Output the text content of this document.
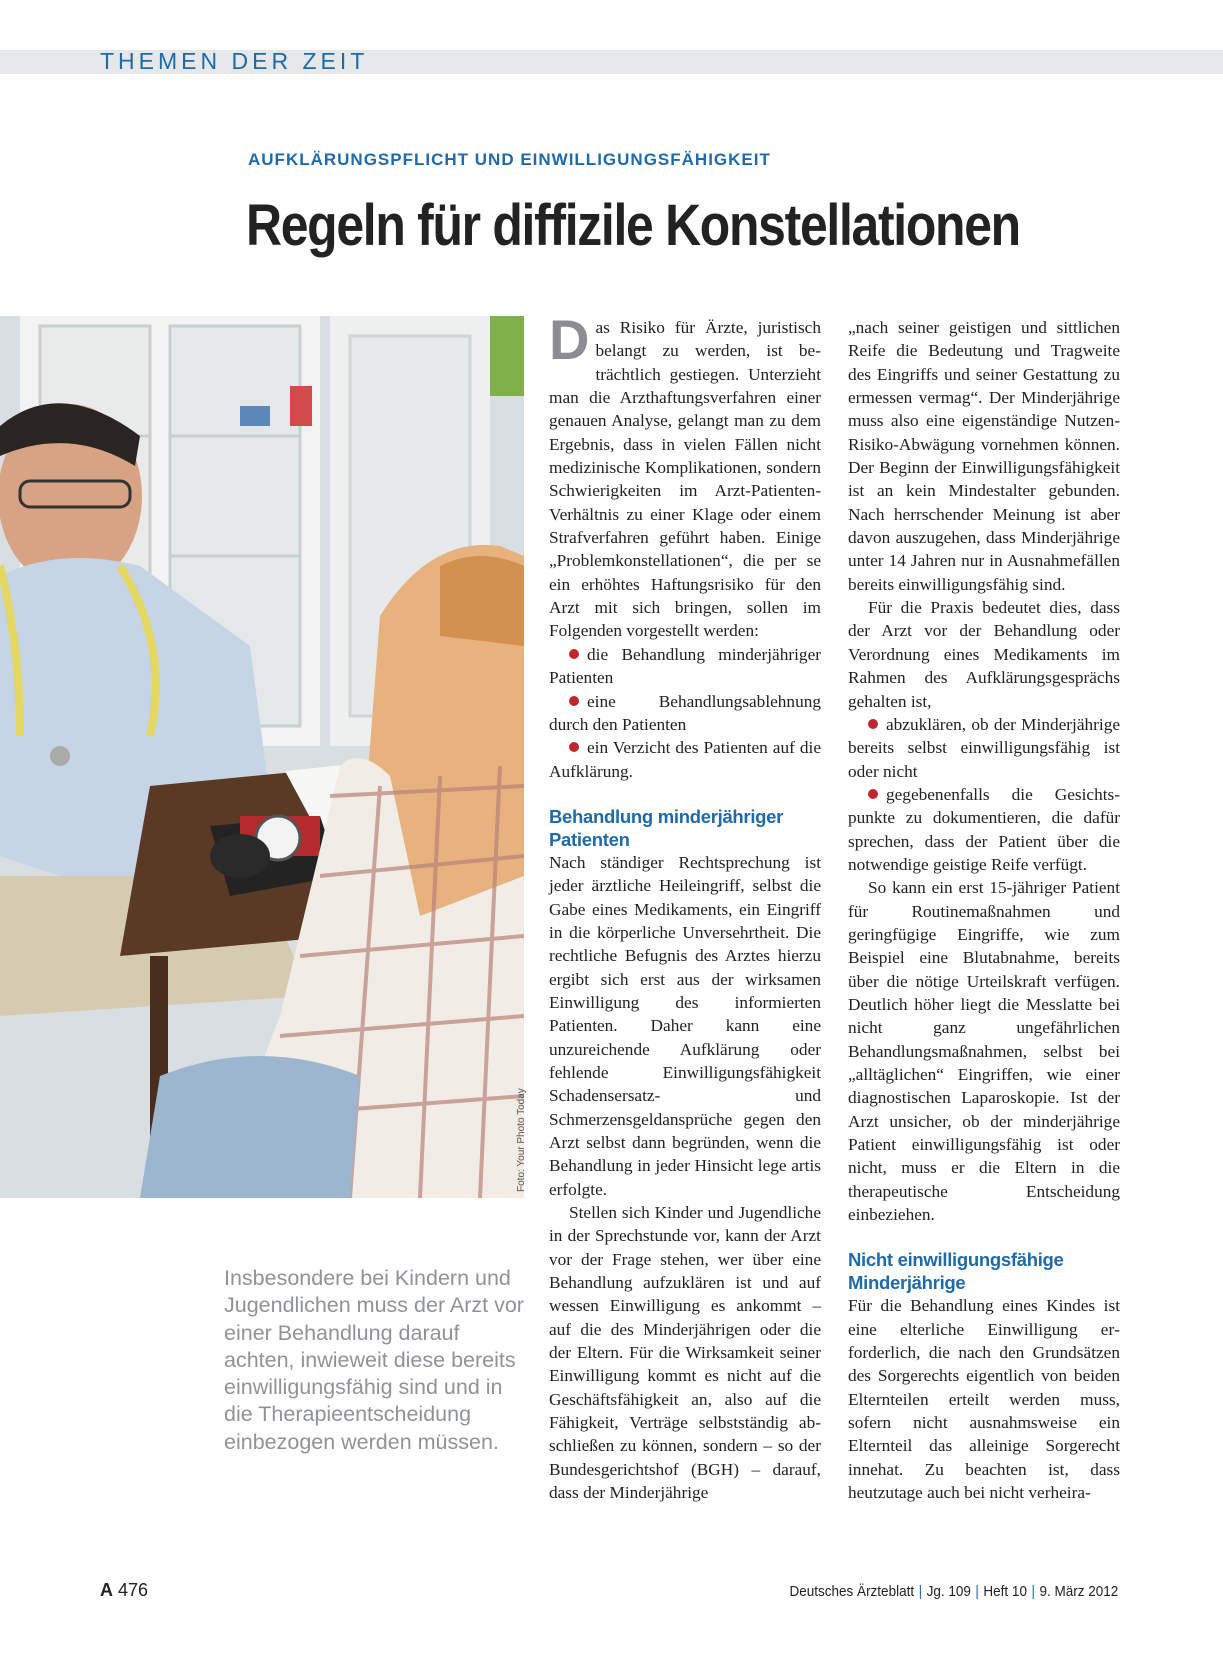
THEMEN DER ZEIT
AUFKLÄRUNGSPFLICHT UND EINWILLIGUNGSFÄHIGKEIT
Regeln für diffizile Konstellationen
Foto: Your Photo Today
Insbesondere bei Kindern und Jugendlichen muss der Arzt vor einer Behandlung darauf achten, inwieweit diese bereits einwilligungsfähig sind und in die Therapieentscheidung einbezogen werden müssen.

Das Risiko für Ärzte, juristisch belangt zu werden, ist beträchtlich gestiegen. Unterzieht man die Arzthaftungsverfahren einer genauen Analyse, gelangt man zu dem Ergebnis, dass in vielen Fällen nicht medizinische Komplikationen, sondern Schwierigkeiten im Arzt-Patienten-Verhältnis zu einer Klage oder einem Strafverfahren geführt haben. Einige „Problemkonstellationen“, die per se ein erhöhtes Haftungsrisiko für den Arzt mit sich bringen, sollen im Folgenden vorgestellt werden:

die Behandlung minderjähriger Patienten
eine Behandlungsablehnung durch den Patienten
ein Verzicht des Patienten auf die Aufklärung.
Behandlung minderjähriger Patienten

Nach ständiger Rechtsprechung ist jeder ärztliche Heileingriff, selbst die Gabe eines Medikaments, ein Eingriff in die körperliche Unversehrtheit. Die rechtliche Befugnis des Arztes hierzu ergibt sich erst aus der wirksamen Einwilligung des informierten Patienten. Daher kann eine unzureichende Aufklärung oder fehlende Einwilligungsfähigkeit Schadensersatz- und Schmerzensgeldansprüche gegen den Arzt selbst dann begründen, wenn die Behandlung in jeder Hinsicht lege artis erfolgte.

Stellen sich Kinder und Jugendliche in der Sprechstunde vor, kann der Arzt vor der Frage stehen, wer über eine Behandlung aufzuklären ist und auf wessen Einwilligung es ankommt – auf die des Minderjährigen oder die der Eltern. Für die Wirksamkeit seiner Einwilligung kommt es nicht auf die Geschäftsfähigkeit an, also auf die Fähigkeit, Verträge selbstständig abschließen zu können, sondern – so der Bundesgerichtshof (BGH) – darauf, dass der Minderjährige

„nach seiner geistigen und sittlichen Reife die Bedeutung und Tragweite des Eingriffs und seiner Gestattung zu ermessen vermag“. Der Minderjährige muss also eine eigenständige Nutzen-Risiko-Abwägung vornehmen können. Der Beginn der Einwilligungsfähigkeit ist an kein Mindestalter gebunden. Nach herrschender Meinung ist aber davon auszugehen, dass Minderjährige unter 14 Jahren nur in Ausnahmefällen bereits einwilligungsfähig sind.

Für die Praxis bedeutet dies, dass der Arzt vor der Behandlung oder Verordnung eines Medikaments im Rahmen des Aufklärungsgesprächs gehalten ist,

abzuklären, ob der Minderjährige bereits selbst einwilligungsfähig ist oder nicht
gegebenenfalls die Gesichtspunkte zu dokumentieren, die dafür sprechen, dass der Patient über die notwendige geistige Reife verfügt.

So kann ein erst 15-jähriger Patient für Routinemaßnahmen und geringfügige Eingriffe, wie zum Beispiel eine Blutabnahme, bereits über die nötige Urteilskraft verfügen. Deutlich höher liegt die Messlatte bei nicht ganz ungefährlichen Behandlungsmaßnahmen, selbst bei „alltäglichen“ Eingriffen, wie einer diagnostischen Laparoskopie. Ist der Arzt unsicher, ob der minderjährige Patient einwilligungsfähig ist oder nicht, muss er die Eltern in die therapeutische Entscheidung einbeziehen.

Nicht einwilligungsfähige Minderjährige

Für die Behandlung eines Kindes ist eine elterliche Einwilligung erforderlich, die nach den Grundsätzen des Sorgerechts eigentlich von beiden Elternteilen erteilt werden muss, sofern nicht ausnahmsweise ein Elternteil das alleinige Sorgerecht innehat. Zu beachten ist, dass heutzutage auch bei nicht verheira-

A 476	Deutsches Ärzteblatt | Jg. 109 | Heft 10 | 9. März 2012
